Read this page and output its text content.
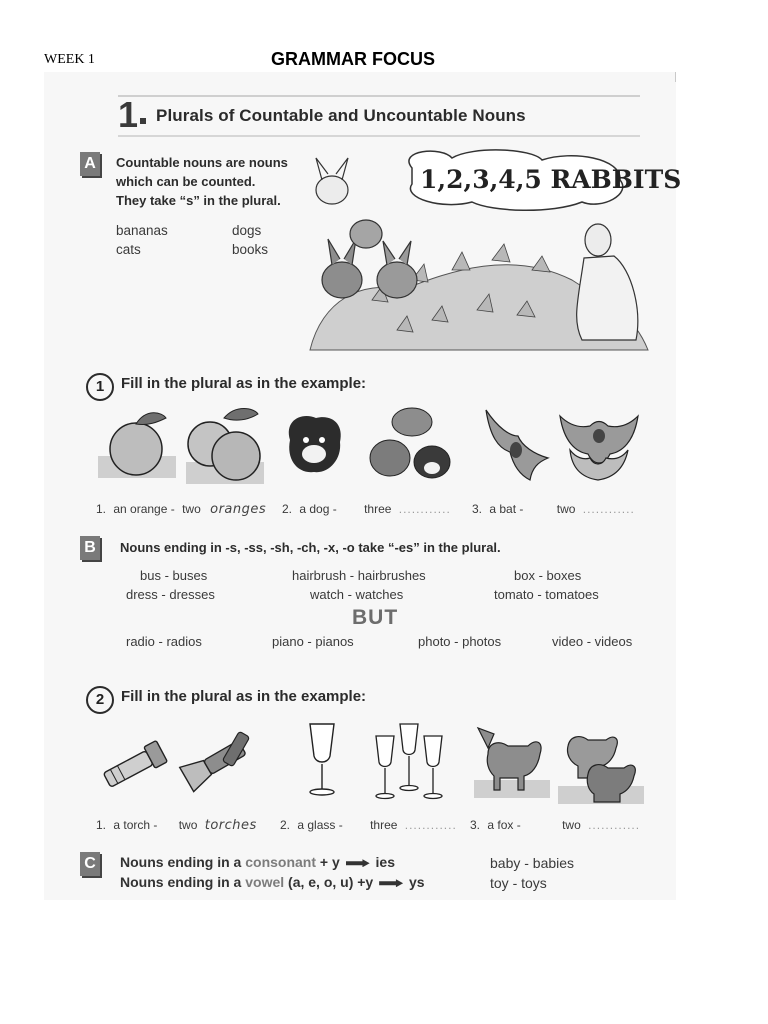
WEEK 1	GRAMMAR FOCUS
1 Plurals of Countable and Uncountable Nouns
A	Countable nouns are nouns
which can be counted.
They take “s” in the plural.
bananas	dogs
cats	books
1,2,3,4,5 RABBITS
1	Fill in the plural as in the example:
1. an orange - two oranges 2. a dog - three ............ 3. a bat -	two ............
B	Nouns ending in -s, -ss, -sh, -ch, -x, -o take “-es” in the plural.
bus - buses	hairbrush - hairbrushes	box - boxes
dress - dresses	watch - watches	tomato - tomatoes
BUT
radio - radios	piano - pianos	photo - photos	video - videos
2	Fill in the plural as in the example:
1. a torch - two torches 2. a glass - three ............ 3. a fox -	two ............
C	Nouns ending in a consonant + y	ies
Nouns ending in a vowel (a, e, o, u) +y	ys
baby - babies
toy - toys
